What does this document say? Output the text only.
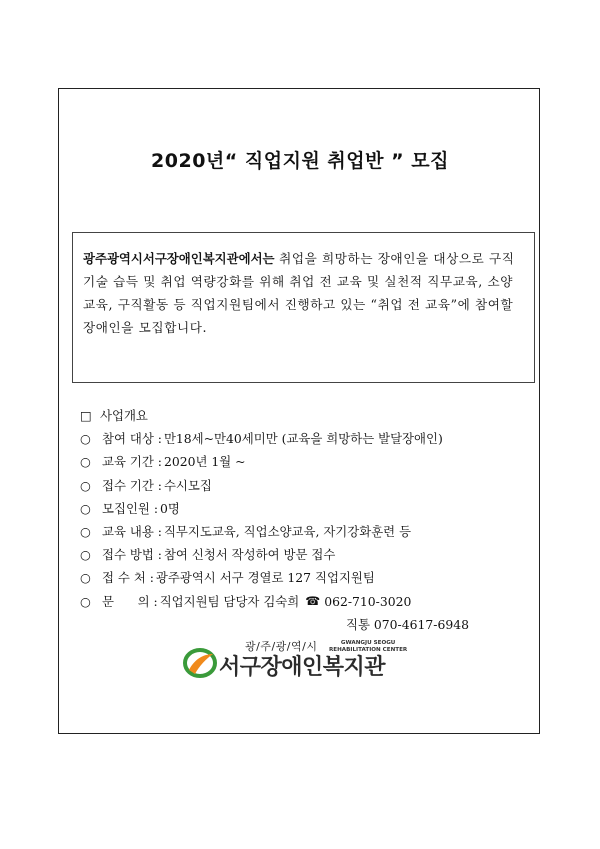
2020년“ 직업지원 취업반 ” 모집
광주광역시서구장애인복지관에서는 취업을 희망하는 장애인을 대상으로 구직기술 습득 및 취업 역량강화를 위해 취업 전 교육 및 실천적 직무교육, 소양교육, 구직활동 등 직업지원팀에서 진행하고 있는 “취업 전 교육”에 참여할 장애인을 모집합니다.
□ 사업개요
○ 참여 대상 : 만18세~만40세미만 (교육을 희망하는 발달장애인)
○ 교육 기간 : 2020년 1월 ~
○ 접수 기간 : 수시모집
○ 모집인원 : 0명
○ 교육 내용 : 직무지도교육, 직업소양교육, 자기강화훈련 등
○ 접수 방법 : 참여 신청서 작성하여 방문 접수
○ 접 수 처 : 광주광역시 서구 경열로 127 직업지원팀
○ 문      의 : 직업지원팀 담당자 김숙희 ☎ 062-710-3020
직통 070-4617-6948
광/주/광/역/시
서구장애인복지관
GWANGJU SEOGU
REHABILITATION CENTER
